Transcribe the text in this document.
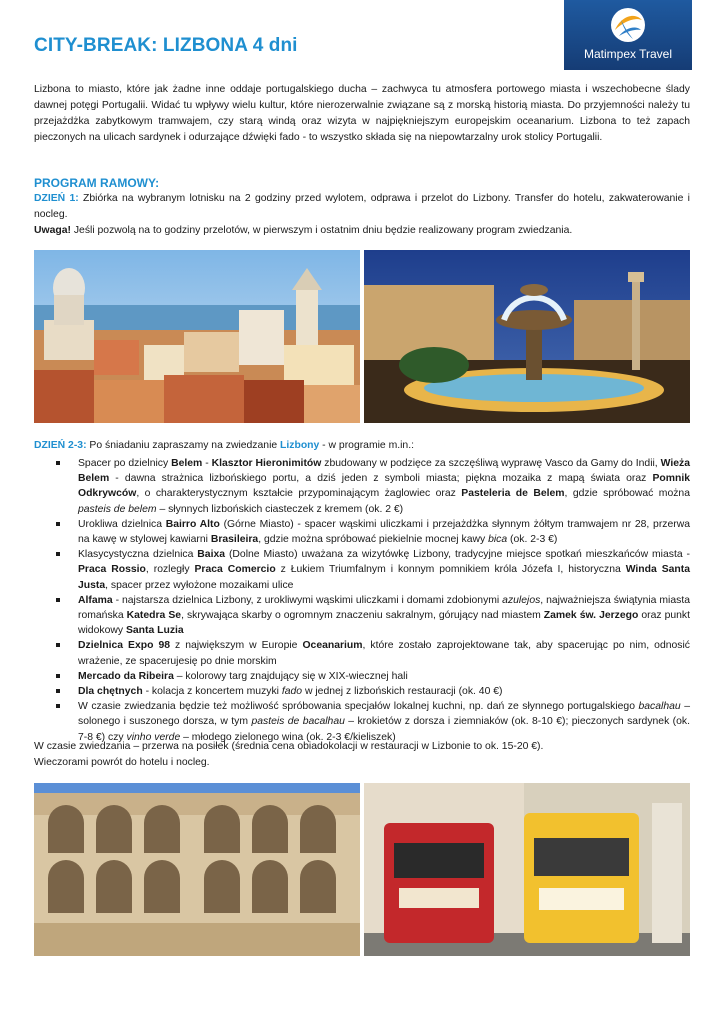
CITY-BREAK: LIZBONA 4 dni	Matimpex Travel

Lizbona to miasto, które jak żadne inne oddaje portugalskiego ducha – zachwyca tu atmosfera portowego miasta i wszechobecne ślady dawnej potęgi Portugalii. Widać tu wpływy wielu kultur, które nierozerwalnie związane są z morską historią miasta. Do przyjemności należy tu przejażdżka zabytkowym tramwajem, czy starą windą oraz wizyta w najpiękniejszym europejskim oceanarium. Lizbona to też zapach pieczonych na ulicach sardynek i odurzające dźwięki fado - to wszystko składa się na niepowtarzalny urok stolicy Portugalii.

PROGRAM RAMOWY:

DZIEŃ 1: Zbiórka na wybranym lotnisku na 2 godziny przed wylotem, odprawa i przelot do Lizbony. Transfer do hotelu, zakwaterowanie i nocleg.

Uwaga! Jeśli pozwolą na to godziny przelotów, w pierwszym i ostatnim dniu będzie realizowany program zwiedzania.

DZIEŃ 2-3: Po śniadaniu zapraszamy na zwiedzanie Lizbony - w programie m.in.:

Spacer po dzielnicy Belem - Klasztor Hieronimitów zbudowany w podzięce za szczęśliwą wyprawę Vasco da Gamy do Indii, Wieża Belem - dawna strażnica lizbońskiego portu, a dziś jeden z symboli miasta; piękna mozaika z mapą świata oraz Pomnik Odkrywców, o charakterystycznym kształcie przypominającym żaglowiec oraz Pasteleria de Belem, gdzie spróbować można pasteis de belem – słynnych lizbońskich ciasteczek z kremem (ok. 2 €)
Urokliwa dzielnica Bairro Alto (Górne Miasto) - spacer wąskimi uliczkami i przejażdżka słynnym żółtym tramwajem nr 28, przerwa na kawę w stylowej kawiarni Brasileira, gdzie można spróbować piekielnie mocnej kawy bica (ok. 2-3 €)
Klasycystyczna dzielnica Baixa (Dolne Miasto) uważana za wizytówkę Lizbony, tradycyjne miejsce spotkań mieszkańców miasta - Praca Rossio, rozległy Praca Comercio z Łukiem Triumfalnym i konnym pomnikiem króla Józefa I, historyczna Winda Santa Justa, spacer przez wyłożone mozaikami ulice
Alfama - najstarsza dzielnica Lizbony, z urokliwymi wąskimi uliczkami i domami zdobionymi azulejos, najważniejsza świątynia miasta romańska Katedra Se, skrywająca skarby o ogromnym znaczeniu sakralnym, górujący nad miastem Zamek św. Jerzego oraz punkt widokowy Santa Luzia
Dzielnica Expo 98 z największym w Europie Oceanarium, które zostało zaprojektowane tak, aby spacerując po nim, odnosić wrażenie, ze spacerujesię po dnie morskim
Mercado da Ribeira – kolorowy targ znajdujący się w XIX-wiecznej hali
Dla chętnych - kolacja z koncertem muzyki fado w jednej z lizbońskich restauracji (ok. 40 €)
W czasie zwiedzania będzie też możliwość spróbowania specjałów lokalnej kuchni, np. dań ze słynnego portugalskiego bacalhau – solonego i suszonego dorsza, w tym pasteis de bacalhau – krokietów z dorsza i ziemniaków (ok. 8-10 €); pieczonych sardynek (ok. 7-8 €) czy vinho verde – młodego zielonego wina (ok. 2-3 €/kieliszek)

W czasie zwiedzania – przerwa na posiłek (średnia cena obiadokolacji w restauracji w Lizbonie to ok. 15-20 €).

Wieczorami powrót do hotelu i nocleg.
